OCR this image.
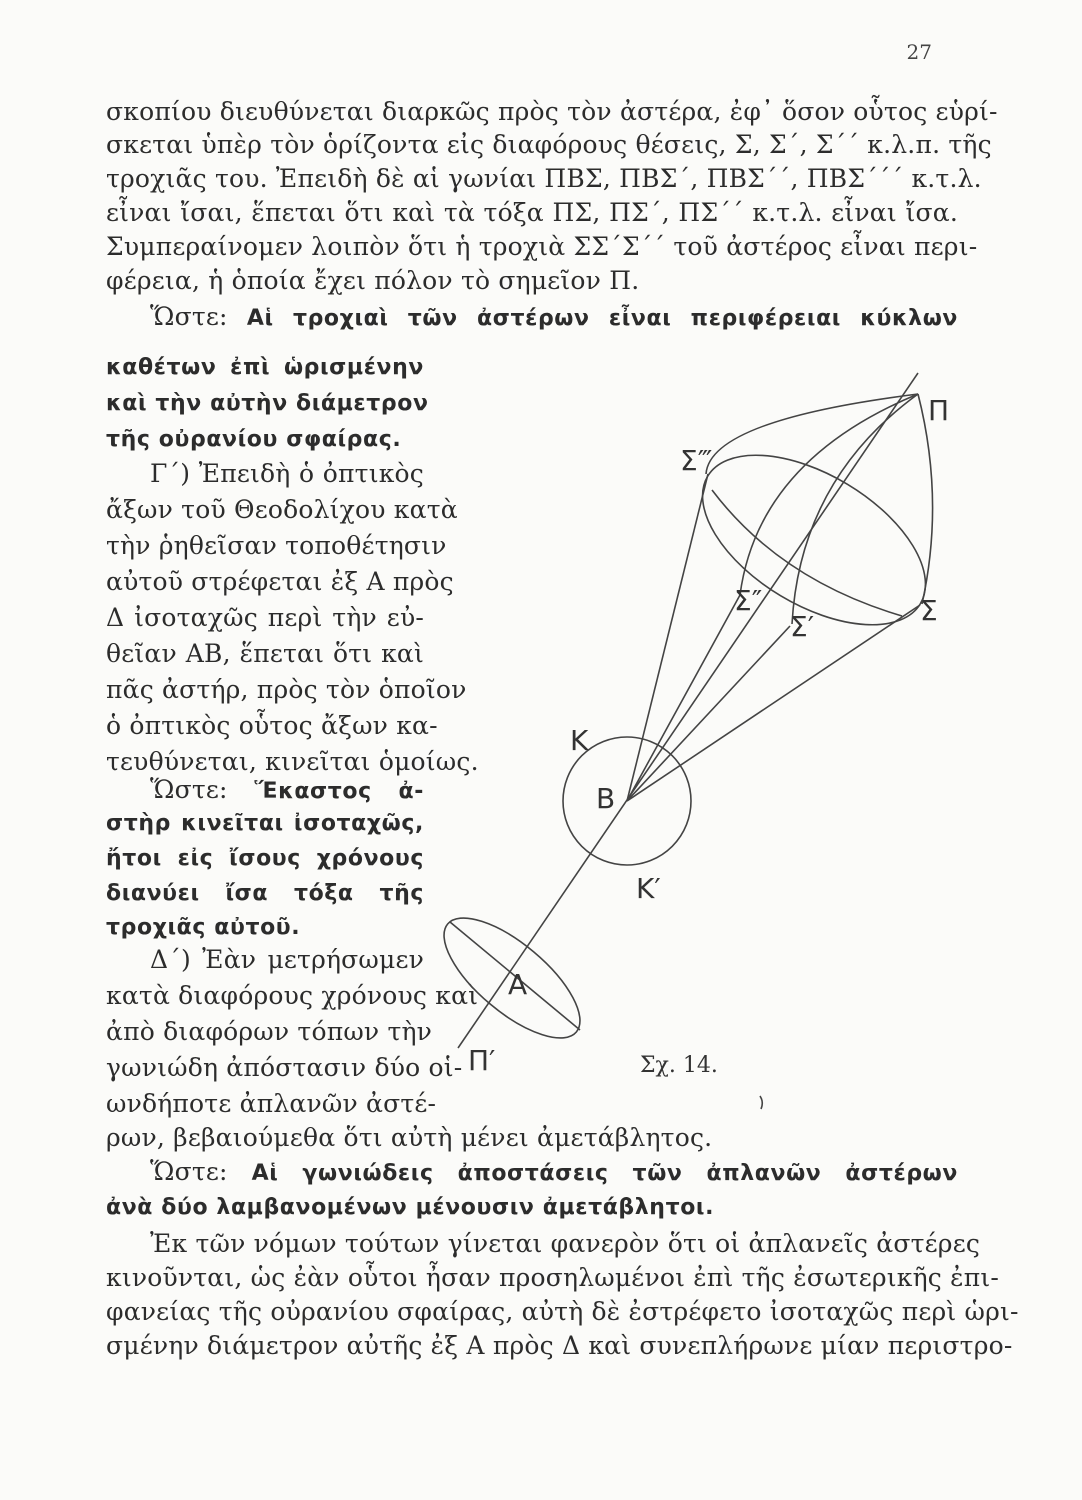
27
σκοπίου διευθύνεται διαρκῶς πρὸς τὸν ἀστέρα, ἐφ᾽ ὅσον οὗτος εὑρί-
σκεται ὑπὲρ τὸν ὁρίζοντα εἰς διαφόρους θέσεις, Σ, Σ΄, Σ΄΄ κ.λ.π. τῆς
τροχιᾶς του. Ἐπειδὴ δὲ αἱ γωνίαι ΠΒΣ, ΠΒΣ΄, ΠΒΣ΄΄, ΠΒΣ΄΄΄ κ.τ.λ.
εἶναι ἴσαι, ἕπεται ὅτι καὶ τὰ τόξα ΠΣ, ΠΣ΄, ΠΣ΄΄ κ.τ.λ. εἶναι ἴσα.
Συμπεραίνομεν λοιπὸν ὅτι ἡ τροχιὰ ΣΣ΄Σ΄΄ τοῦ ἀστέρος εἶναι περι-
φέρεια, ἡ ὁποία ἔχει πόλον τὸ σημεῖον Π.
Ὥστε: Αἱ τροχιαὶ τῶν ἀστέρων εἶναι περιφέρειαι κύκλων
καθέτων ἐπὶ ὡρισμένην
καὶ τὴν αὐτὴν διάμετρον
τῆς οὐρανίου σφαίρας.
Γ΄) Ἐπειδὴ ὁ ὀπτικὸς
ἄξων τοῦ Θεοδολίχου κατὰ
τὴν ῥηθεῖσαν τοποθέτησιν
αὐτοῦ στρέφεται ἐξ Α πρὸς
Δ ἰσοταχῶς περὶ τὴν εὐ-
θεῖαν ΑΒ, ἕπεται ὅτι καὶ
πᾶς ἀστήρ, πρὸς τὸν ὁποῖον
ὁ ὀπτικὸς οὗτος ἄξων κα-
τευθύνεται, κινεῖται ὁμοίως.
Ὥστε: Ἕκαστος ἀ-
στὴρ κινεῖται ἰσοταχῶς,
ἤτοι εἰς ἴσους χρόνους
διανύει ἴσα τόξα τῆς
τροχιᾶς αὐτοῦ.
Δ΄) Ἐὰν μετρήσωμεν
κατὰ διαφόρους χρόνους καὶ
ἀπὸ διαφόρων τόπων τὴν
γωνιώδη ἀπόστασιν δύο οἱ-
ωνδήποτε ἀπλανῶν ἀστέ-
ρων, βεβαιούμεθα ὅτι αὐτὴ μένει ἀμετάβλητος.
Ὥστε: Αἱ γωνιώδεις ἀποστάσεις τῶν ἀπλανῶν ἀστέρων
ἀνὰ δύο λαμβανομένων μένουσιν ἀμετάβλητοι.
Ἐκ τῶν νόμων τούτων γίνεται φανερὸν ὅτι οἱ ἀπλανεῖς ἀστέρες
κινοῦνται, ὡς ἐὰν οὗτοι ἦσαν προσηλωμένοι ἐπὶ τῆς ἐσωτερικῆς ἐπι-
φανείας τῆς οὐρανίου σφαίρας, αὐτὴ δὲ ἐστρέφετο ἰσοταχῶς περὶ ὡρι-
σμένην διάμετρον αὐτῆς ἐξ Α πρὸς Δ καὶ συνεπλήρωνε μίαν περιστρο-
Π
Σ‴
Σ″
Σ′	Σ
K
B
K′
A
Π′	Σχ. 14.
